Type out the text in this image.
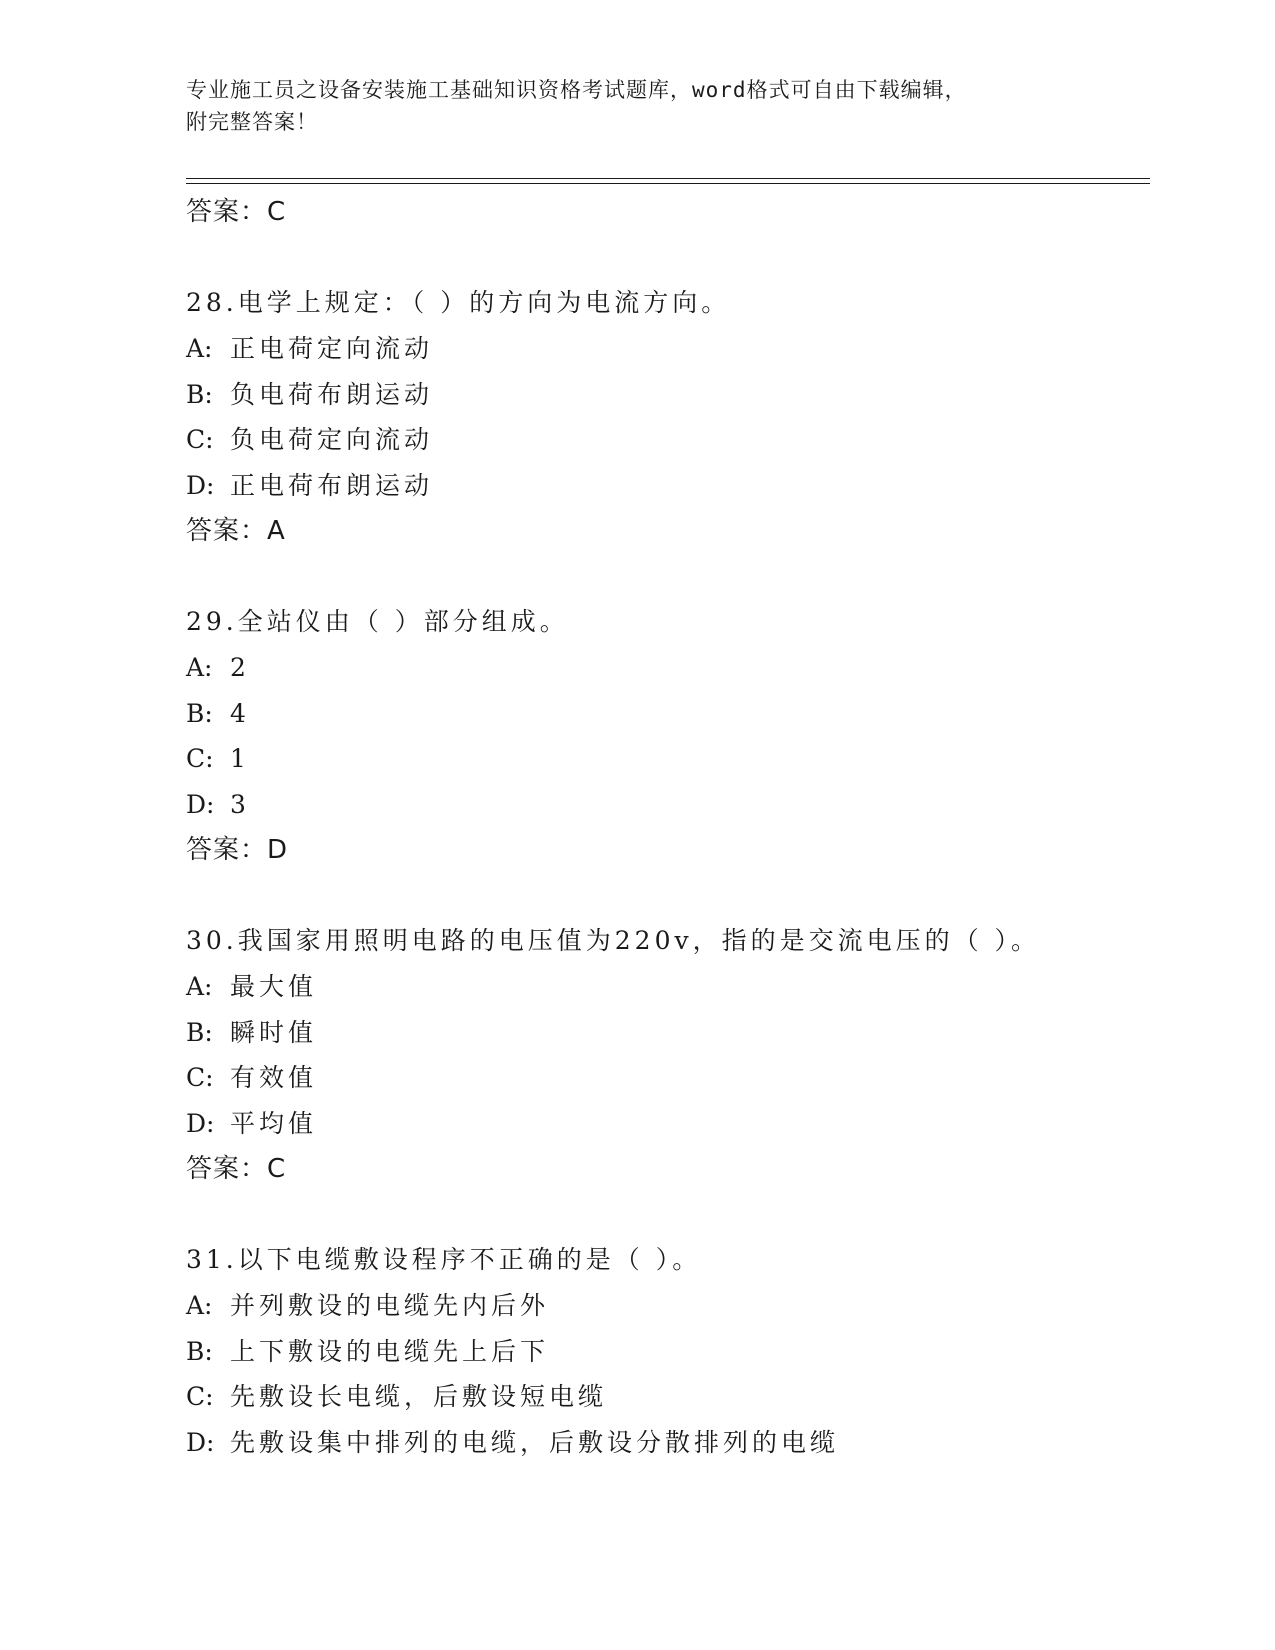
专业施工员之设备安装施工基础知识资格考试题库，word格式可自由下载编辑，
附完整答案！
答案：C
28.电学上规定：（ ）的方向为电流方向。
A: 正电荷定向流动
B: 负电荷布朗运动
C: 负电荷定向流动
D: 正电荷布朗运动
答案：A
29.全站仪由（ ）部分组成。
A: 2
B: 4
C: 1
D: 3
答案：D
30.我国家用照明电路的电压值为220v，指的是交流电压的（ ）。
A: 最大值
B: 瞬时值
C: 有效值
D: 平均值
答案：C
31.以下电缆敷设程序不正确的是（ ）。
A: 并列敷设的电缆先内后外
B: 上下敷设的电缆先上后下
C: 先敷设长电缆，后敷设短电缆
D: 先敷设集中排列的电缆，后敷设分散排列的电缆
